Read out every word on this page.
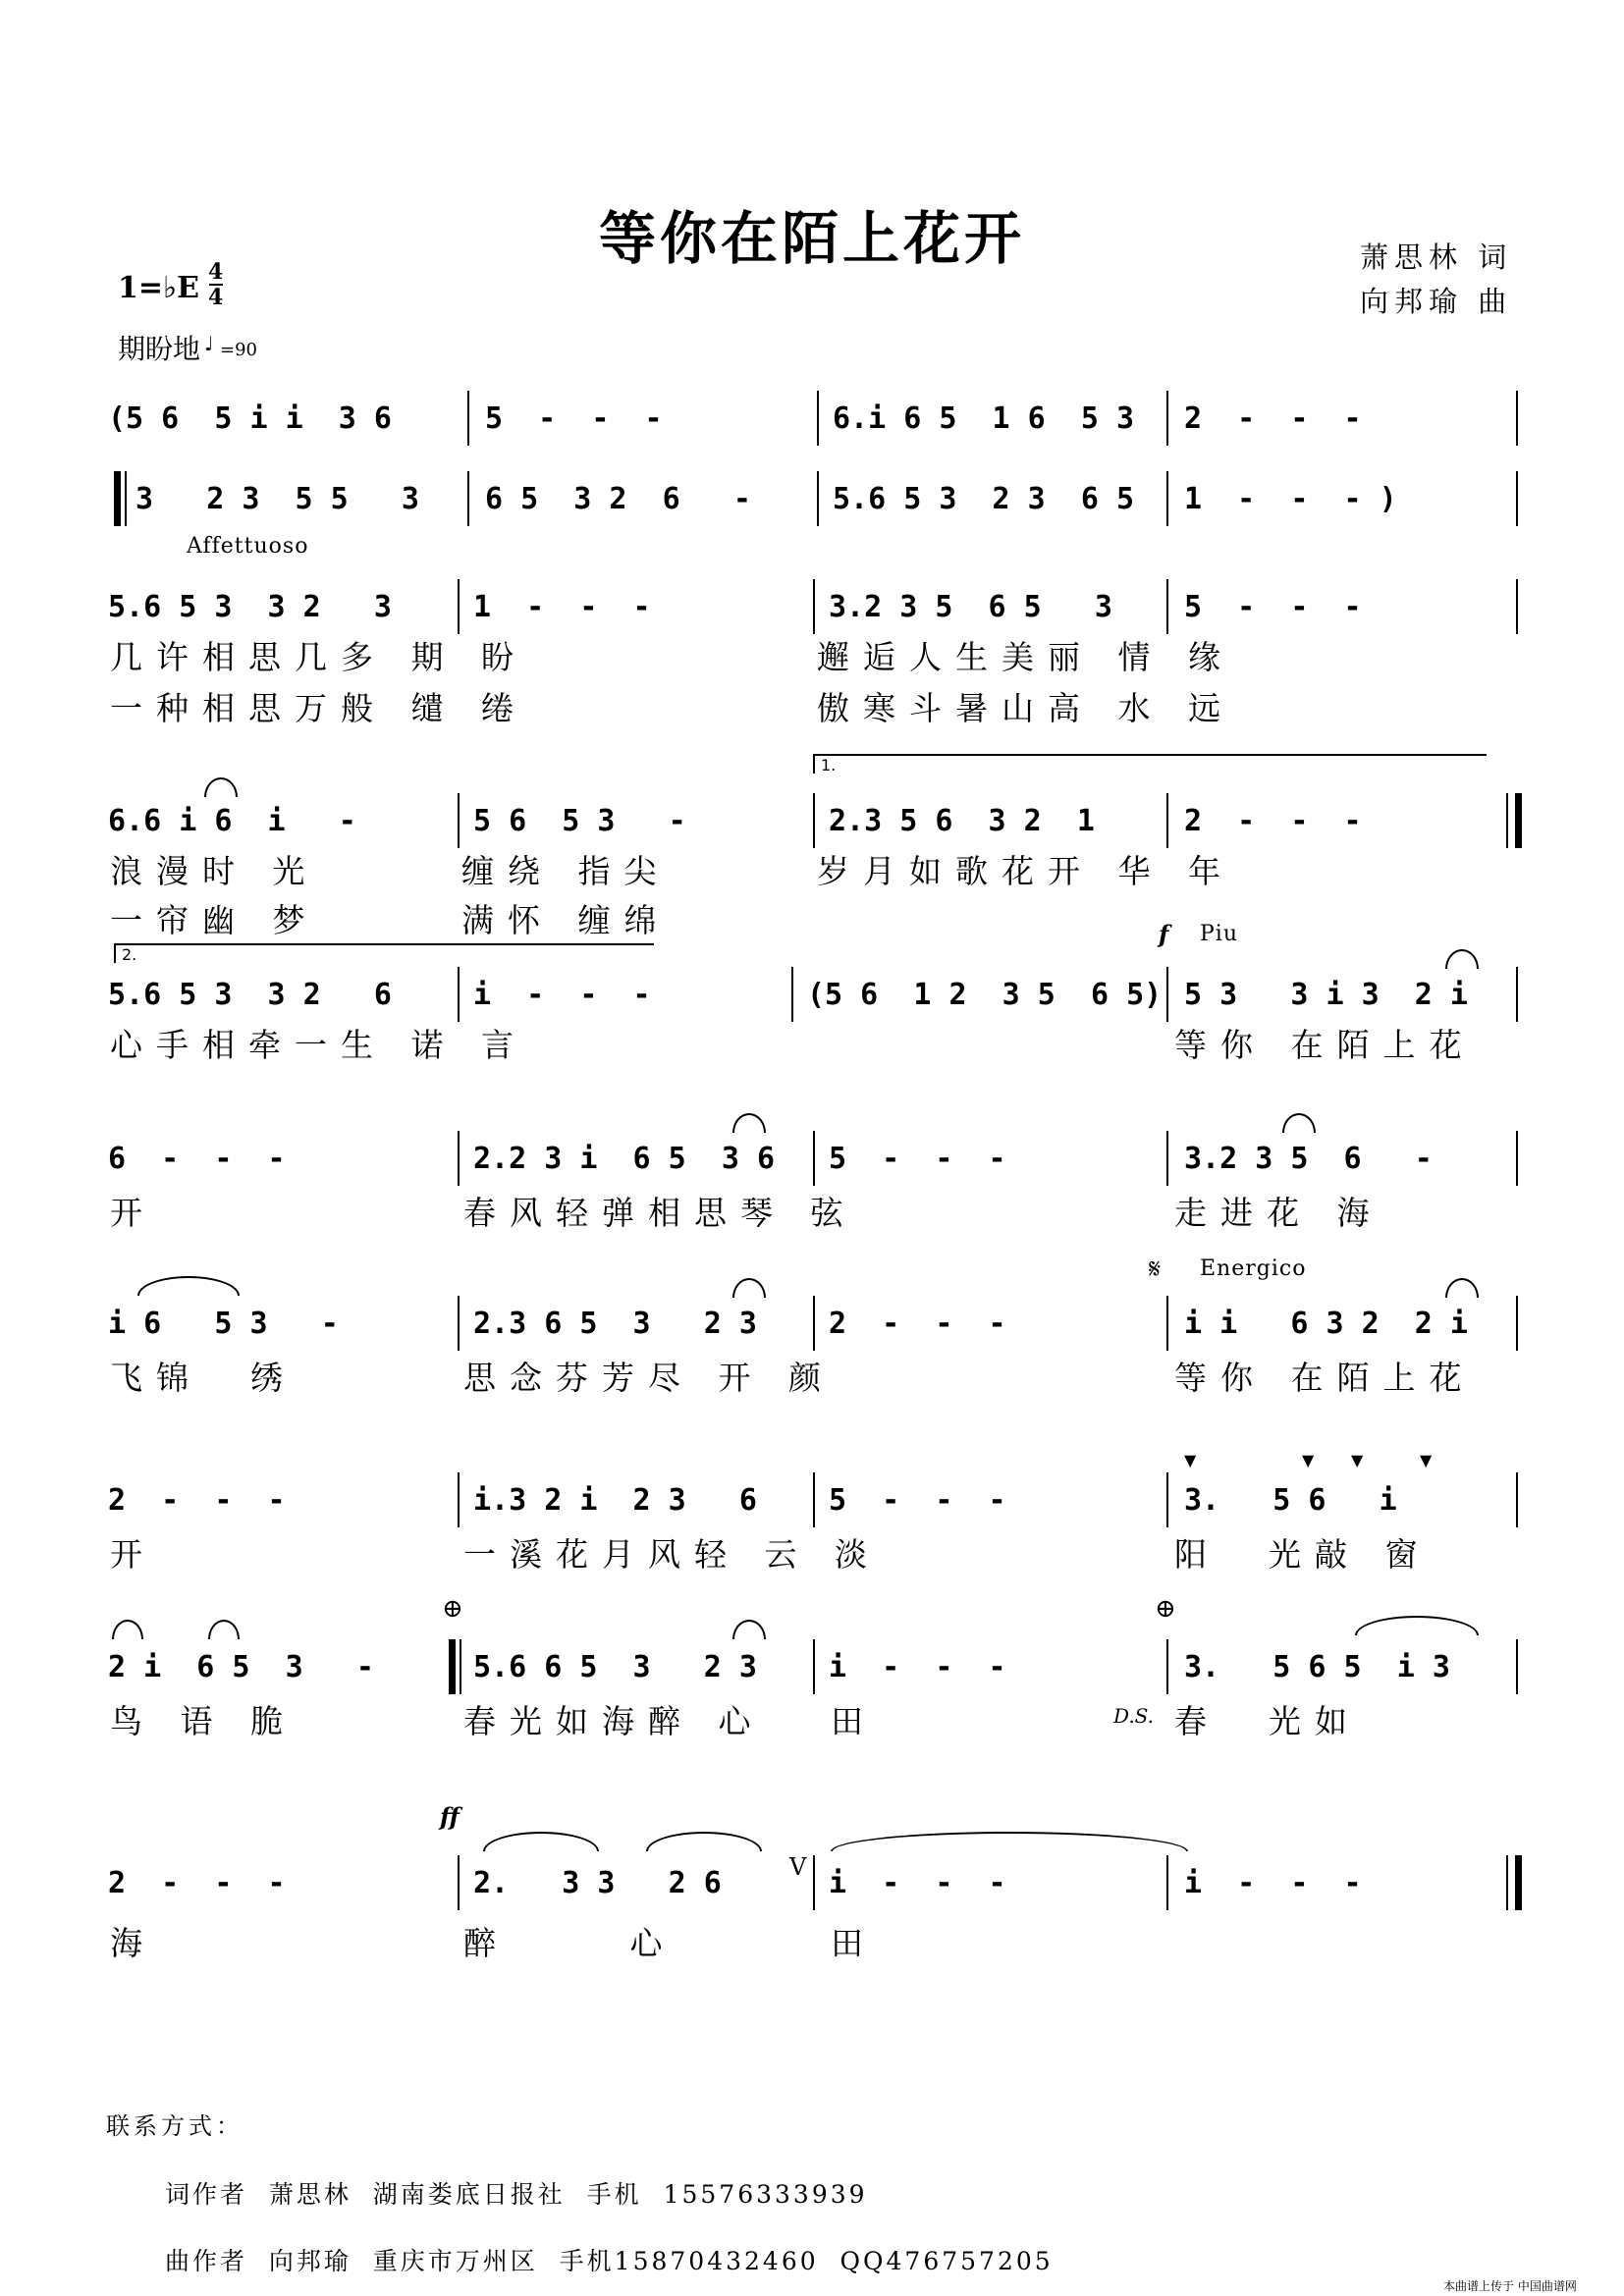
等你在陌上花开	萧思林 词
向邦瑜 曲
1=♭E 4
4
期盼地 ♩ =90
(5 6  5 i i  3 6	5  -  -  -	6.i 6 5  1 6  5 3 2  -  -  -
3   2 3  5 5   3 6 5  3 2  6   -	5.6 5 3  2 3  6 5 1  -  -  - )
Affettuoso
5.6 5 3  3 2   3	1  -  -  -	3.2 3 5  6 5   3 5  -  -  -
几许相思几多 期 盼	邂逅人生美丽 情 缘
一种相思万般 缱 绻	傲寒斗暑山高 水 远
6.6 i 6  i   -	5 6  5 3   -
1.
2.3 5 6  3 2  1	2  -  -  -
浪漫时 光	缠绕 指尖	岁月如歌花开 华 年
一帘幽 梦	满怀 缠绵
2.
5.6 5 3  3 2   6	i  -  -  -	(5 6  1 2  3 5  6 5) 5 3   3 i 3  2 i
f Piu
心手相牵一生 诺 言	等你 在陌上花
6  -  -  -	2.2 3 i  6 5  3 6 5  -  -  -	3.2 3 5  6   -
开	春风轻弹相思琴 弦	走进花 海
i 6   5 3   -	2.3 6 5  3   2 3 2  -  -  -
𝄋 Energico
i i   6 3 2  2 i
飞锦  绣	思念芬芳尽 开 颜	等你 在陌上花
2  -  -  -	i.3 2 i  2 3   6 5  -  -  -
▼	▼ ▼	▼
3.   5 6   i
开	一溪花月风轻 云 淡	阳  光敲 窗
2 i  6 5  3   -
⊕
5.6 6 5  3   2 3 i  -  -  -
⊕
3.   5 6 5  i 3
鸟 语 脆	春光如海醉 心 田	D.S. 春  光如
2  -  -  -
ff
2.   3 3   2 6	V i  -  -  -	i  -  -  -
海	醉     心	田
联系方式：
词作者  萧思林  湖南娄底日报社  手机  15576333939
曲作者  向邦瑜  重庆市万州区  手机15870432460  QQ476757205
本曲谱上传于 中国曲谱网
